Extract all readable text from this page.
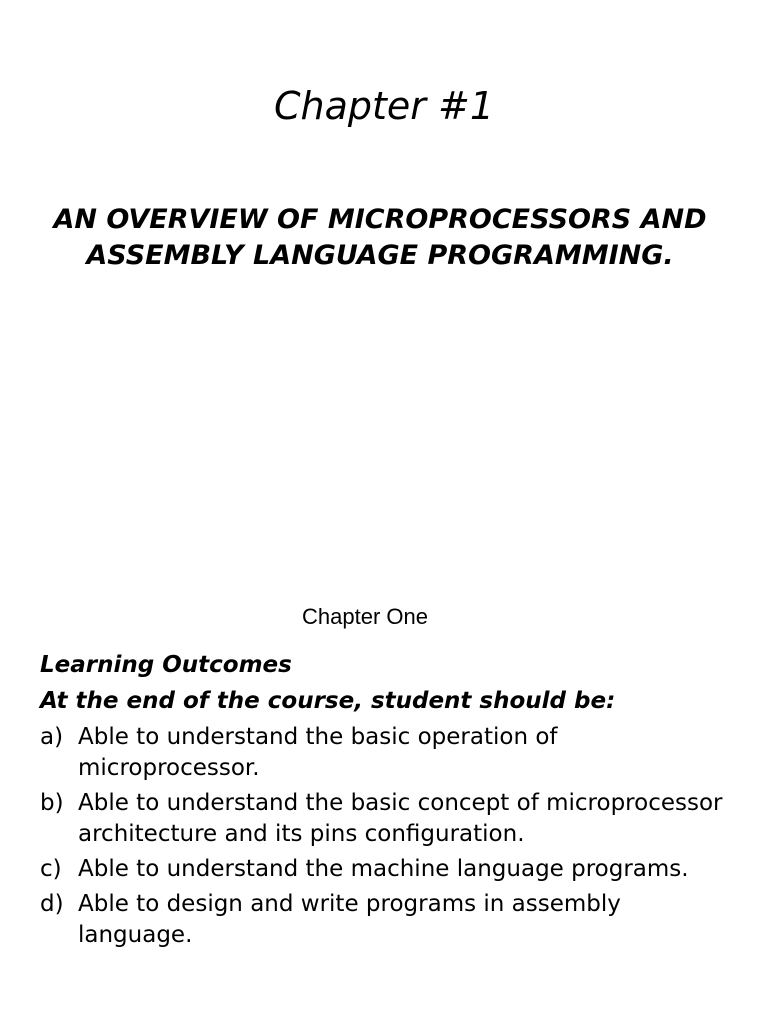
Chapter #1
AN OVERVIEW OF MICROPROCESSORS AND ASSEMBLY LANGUAGE PROGRAMMING.
Chapter One

Learning Outcomes

At the end of the course, student should be:

a) Able to understand the basic operation of microprocessor.
b) Able to understand the basic concept of microprocessor architecture and its pins configuration.
c) Able to understand the machine language programs.
d) Able to design and write programs in assembly language.
